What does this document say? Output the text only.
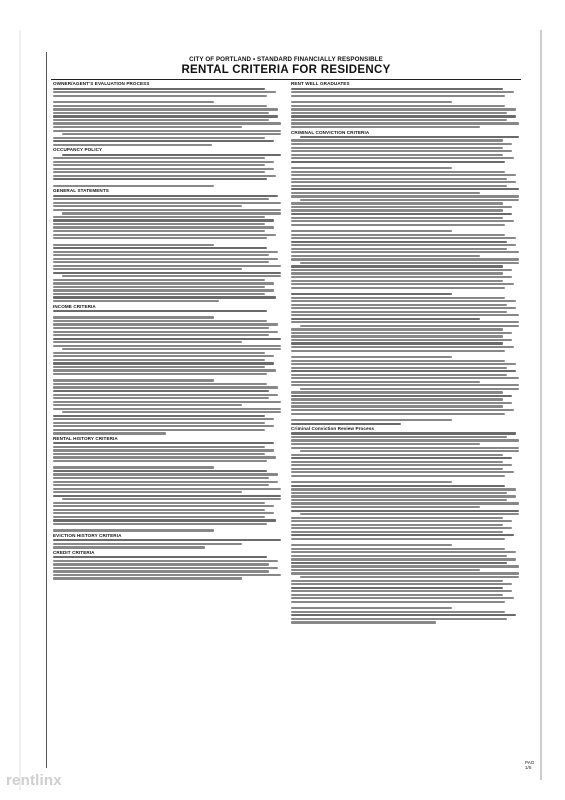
CITY OF PORTLAND • STANDARD FINANCIALLY RESPONSIBLE
RENTAL CRITERIA FOR RESIDENCY
OWNER/AGENT'S EVALUATION PROCESS
OCCUPANCY POLICY
GENERAL STATEMENTS
INCOME CRITERIA
RENTAL HISTORY CRITERIA
EVICTION HISTORY CRITERIA
CREDIT CRITERIA
RENT WELL GRADUATES
CRIMINAL CONVICTION CRITERIA
Criminal Conviction Review Process
PAG 1/5
rentlinx
